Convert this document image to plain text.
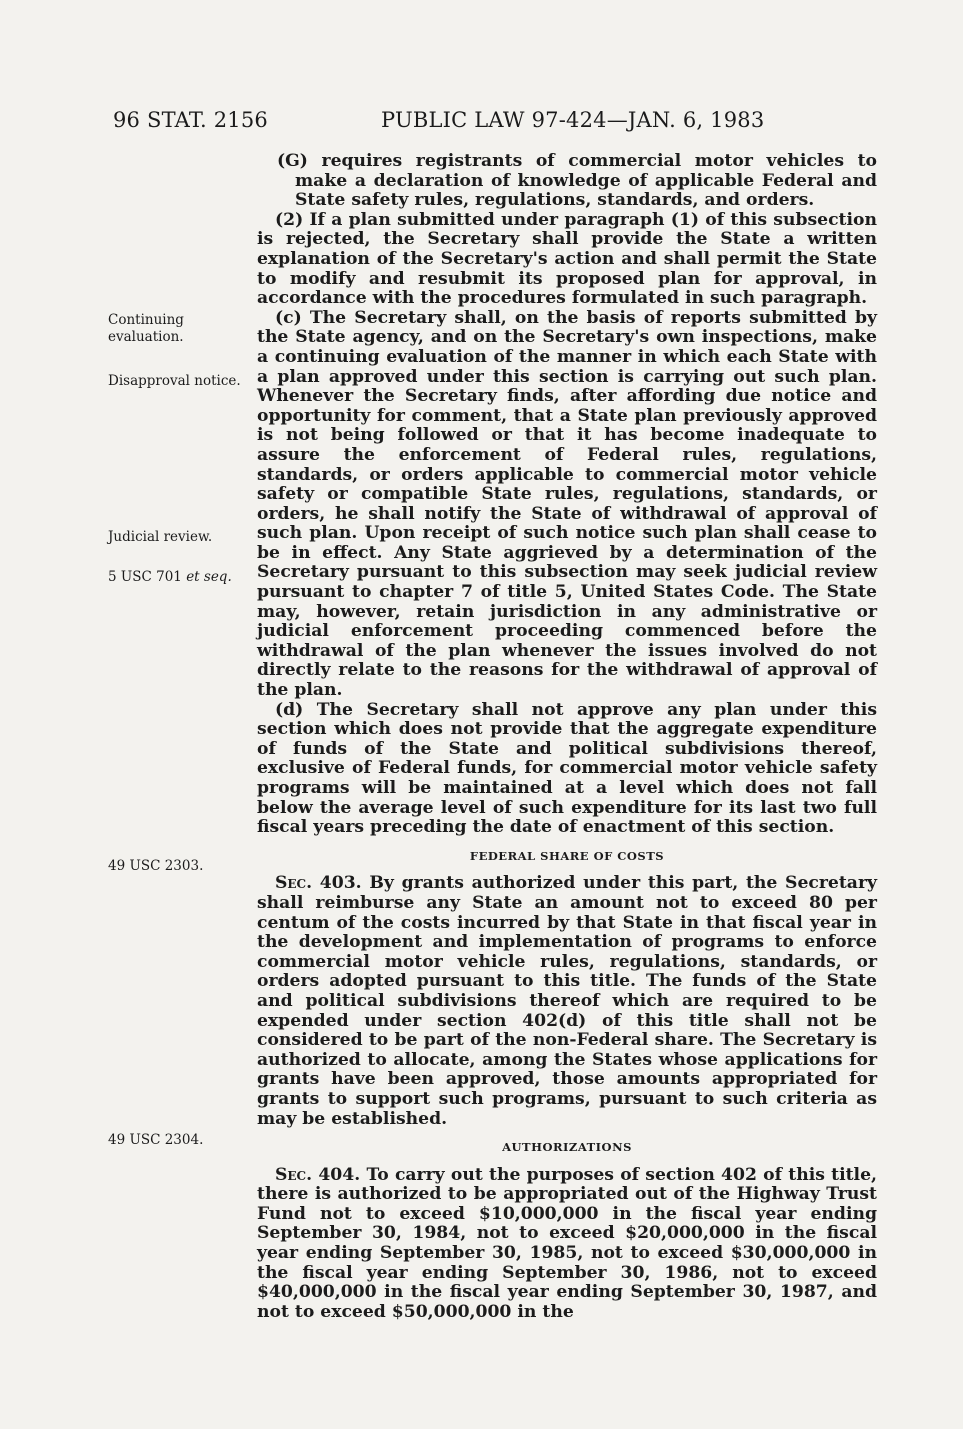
96 STAT. 2156	PUBLIC LAW 97-424—JAN. 6, 1983
Continuing evaluation.
Disapproval notice.
Judicial review.
5 USC 701 et seq.
49 USC 2303.
49 USC 2304.

(G) requires registrants of commercial motor vehicles to make a declaration of knowledge of applicable Federal and State safety rules, regulations, standards, and orders.

(2) If a plan submitted under paragraph (1) of this subsection is rejected, the Secretary shall provide the State a written explanation of the Secretary's action and shall permit the State to modify and resubmit its proposed plan for approval, in accordance with the procedures formulated in such paragraph.

(c) The Secretary shall, on the basis of reports submitted by the State agency, and on the Secretary's own inspections, make a continuing evaluation of the manner in which each State with a plan approved under this section is carrying out such plan. Whenever the Secretary finds, after affording due notice and opportunity for comment, that a State plan previously approved is not being followed or that it has become inadequate to assure the enforcement of Federal rules, regulations, standards, or orders applicable to commercial motor vehicle safety or compatible State rules, regulations, standards, or orders, he shall notify the State of withdrawal of approval of such plan. Upon receipt of such notice such plan shall cease to be in effect. Any State aggrieved by a determination of the Secretary pursuant to this subsection may seek judicial review pursuant to chapter 7 of title 5, United States Code. The State may, however, retain jurisdiction in any administrative or judicial enforcement proceeding commenced before the withdrawal of the plan whenever the issues involved do not directly relate to the reasons for the withdrawal of approval of the plan.

(d) The Secretary shall not approve any plan under this section which does not provide that the aggregate expenditure of funds of the State and political subdivisions thereof, exclusive of Federal funds, for commercial motor vehicle safety programs will be maintained at a level which does not fall below the average level of such expenditure for its last two full fiscal years preceding the date of enactment of this section.

FEDERAL SHARE OF COSTS

Sec. 403. By grants authorized under this part, the Secretary shall reimburse any State an amount not to exceed 80 per centum of the costs incurred by that State in that fiscal year in the development and implementation of programs to enforce commercial motor vehicle rules, regulations, standards, or orders adopted pursuant to this title. The funds of the State and political subdivisions thereof which are required to be expended under section 402(d) of this title shall not be considered to be part of the non-Federal share. The Secretary is authorized to allocate, among the States whose applications for grants have been approved, those amounts appropriated for grants to support such programs, pursuant to such criteria as may be established.

AUTHORIZATIONS

Sec. 404. To carry out the purposes of section 402 of this title, there is authorized to be appropriated out of the Highway Trust Fund not to exceed $10,000,000 in the fiscal year ending September 30, 1984, not to exceed $20,000,000 in the fiscal year ending September 30, 1985, not to exceed $30,000,000 in the fiscal year ending September 30, 1986, not to exceed $40,000,000 in the fiscal year ending September 30, 1987, and not to exceed $50,000,000 in the
